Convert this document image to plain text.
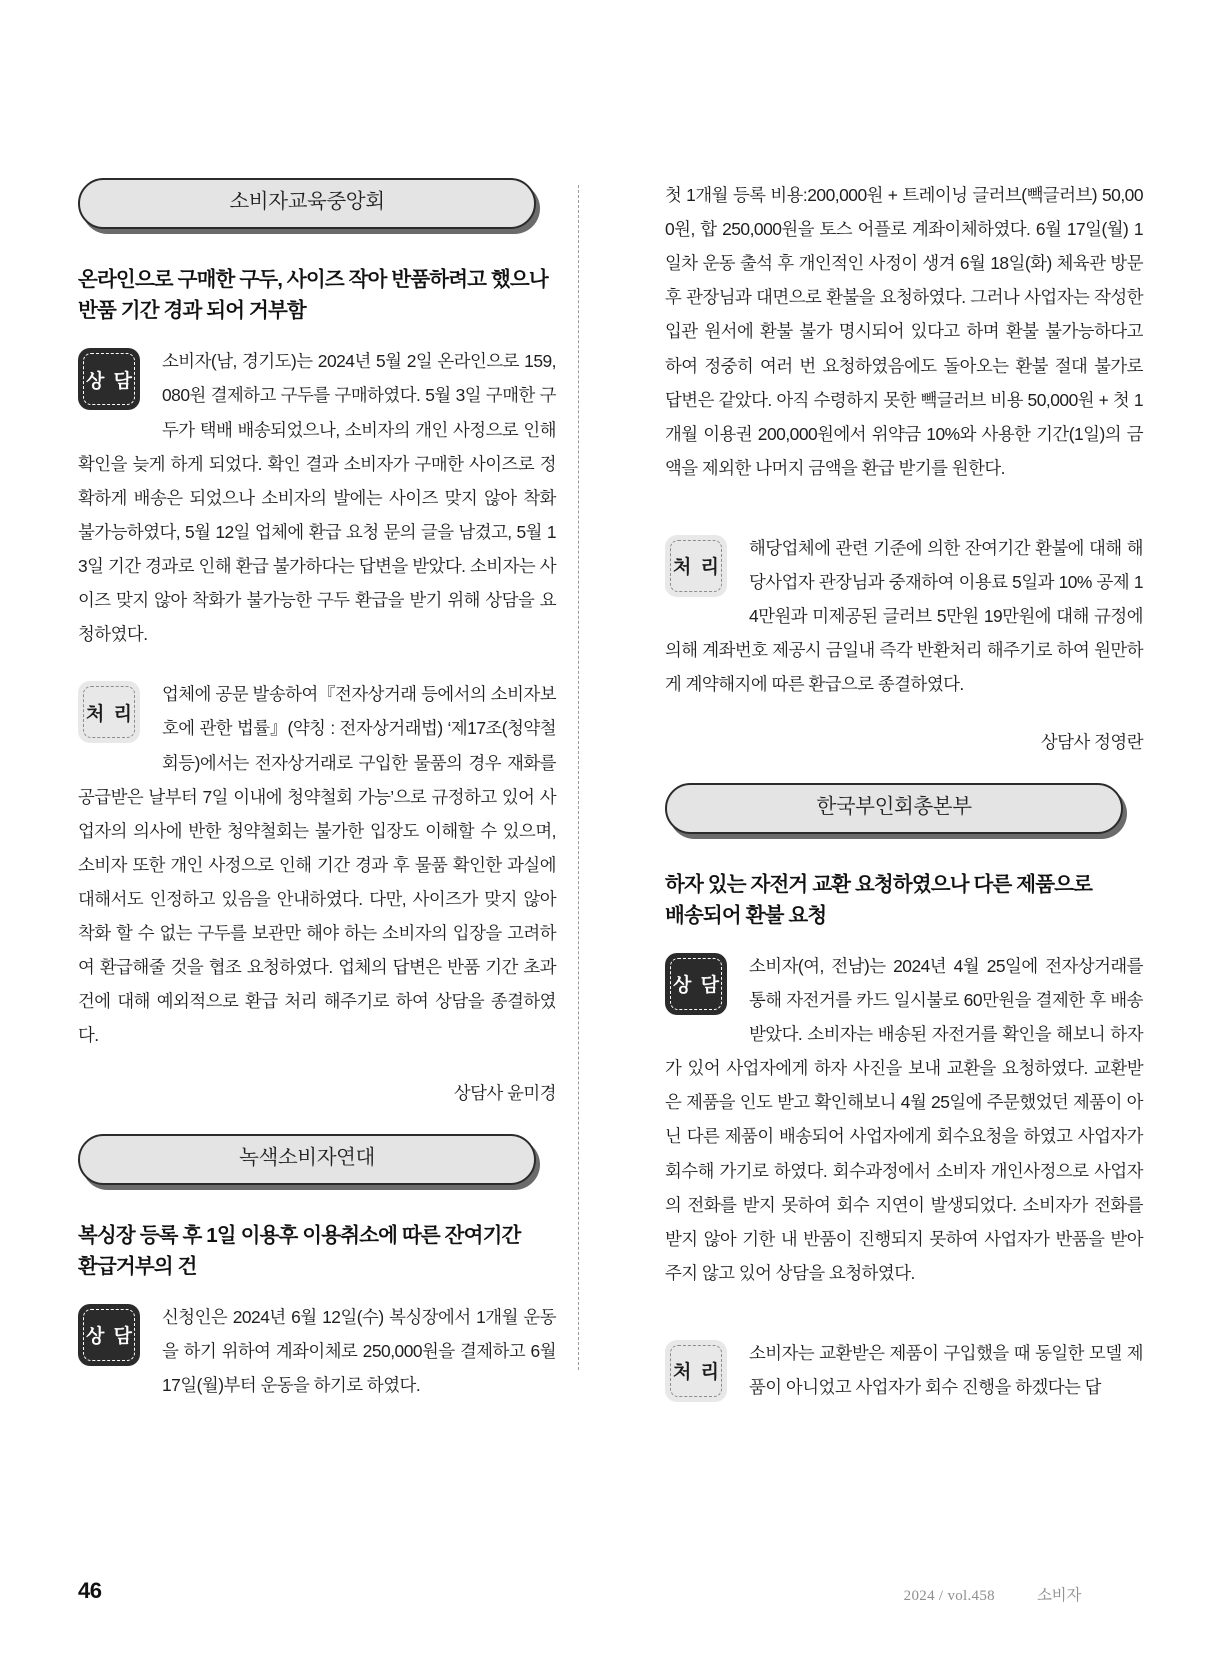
소비자교육중앙회
온라인으로 구매한 구두, 사이즈 작아 반품하려고 했으나 반품 기간 경과 되어 거부함
상 담
소비자(남, 경기도)는 2024년 5월 2일 온라인으로 159,080원 결제하고 구두를 구매하였다. 5월 3일 구매한 구두가 택배 배송되었으나, 소비자의 개인 사정으로 인해 확인을 늦게 하게 되었다. 확인 결과 소비자가 구매한 사이즈로 정확하게 배송은 되었으나 소비자의 발에는 사이즈 맞지 않아 착화 불가능하였다, 5월 12일 업체에 환급 요청 문의 글을 남겼고, 5월 13일 기간 경과로 인해 환급 불가하다는 답변을 받았다. 소비자는 사이즈 맞지 않아 착화가 불가능한 구두 환급을 받기 위해 상담을 요청하였다.
처 리
업체에 공문 발송하여『전자상거래 등에서의 소비자보호에 관한 법률』(약칭 : 전자상거래법) ‘제17조(청약철회등)에서는 전자상거래로 구입한 물품의 경우 재화를 공급받은 날부터 7일 이내에 청약철회 가능’으로 규정하고 있어 사업자의 의사에 반한 청약철회는 불가한 입장도 이해할 수 있으며, 소비자 또한 개인 사정으로 인해 기간 경과 후 물품 확인한 과실에 대해서도 인정하고 있음을 안내하였다. 다만, 사이즈가 맞지 않아 착화 할 수 없는 구두를 보관만 해야 하는 소비자의 입장을 고려하여 환급해줄 것을 협조 요청하였다. 업체의 답변은 반품 기간 초과 건에 대해 예외적으로 환급 처리 해주기로 하여 상담을 종결하였다.
상담사 윤미경
녹색소비자연대
복싱장 등록 후 1일 이용후 이용취소에 따른 잔여기간 환급거부의 건
상 담
신청인은 2024년 6월 12일(수) 복싱장에서 1개월 운동을 하기 위하여 계좌이체로 250,000원을 결제하고 6월 17일(월)부터 운동을 하기로 하였다.
첫 1개월 등록 비용:200,000원 + 트레이닝 글러브(빽글러브) 50,000원, 합 250,000원을 토스 어플로 계좌이체하였다. 6월 17일(월) 1일차 운동 출석 후 개인적인 사정이 생겨 6월 18일(화) 체육관 방문 후 관장님과 대면으로 환불을 요청하였다. 그러나 사업자는 작성한 입관 원서에 환불 불가 명시되어 있다고 하며 환불 불가능하다고 하여 정중히 여러 번 요청하였음에도 돌아오는 환불 절대 불가로 답변은 같았다. 아직 수령하지 못한 빽글러브 비용 50,000원 + 첫 1개월 이용권 200,000원에서 위약금 10%와 사용한 기간(1일)의 금액을 제외한 나머지 금액을 환급 받기를 원한다.
처 리
해당업체에 관련 기준에 의한 잔여기간 환불에 대해 해당사업자 관장님과 중재하여 이용료 5일과 10% 공제 14만원과 미제공된 글러브 5만원 19만원에 대해 규정에 의해 계좌번호 제공시 금일내 즉각 반환처리 해주기로 하여 원만하게 계약해지에 따른 환급으로 종결하였다.
상담사 정영란
한국부인회총본부
하자 있는 자전거 교환 요청하였으나 다른 제품으로 배송되어 환불 요청
상 담
소비자(여, 전남)는 2024년 4월 25일에 전자상거래를 통해 자전거를 카드 일시불로 60만원을 결제한 후 배송 받았다. 소비자는 배송된 자전거를 확인을 해보니 하자가 있어 사업자에게 하자 사진을 보내 교환을 요청하였다. 교환받은 제품을 인도 받고 확인해보니 4월 25일에 주문했었던 제품이 아닌 다른 제품이 배송되어 사업자에게 회수요청을 하였고 사업자가 회수해 가기로 하였다. 회수과정에서 소비자 개인사정으로 사업자의 전화를 받지 못하여 회수 지연이 발생되었다. 소비자가 전화를 받지 않아 기한 내 반품이 진행되지 못하여 사업자가 반품을 받아주지 않고 있어 상담을 요청하였다.
처 리
소비자는 교환받은 제품이 구입했을 때 동일한 모델 제품이 아니었고 사업자가 회수 진행을 하겠다는 답
46	2024 / vol.458	소비자
